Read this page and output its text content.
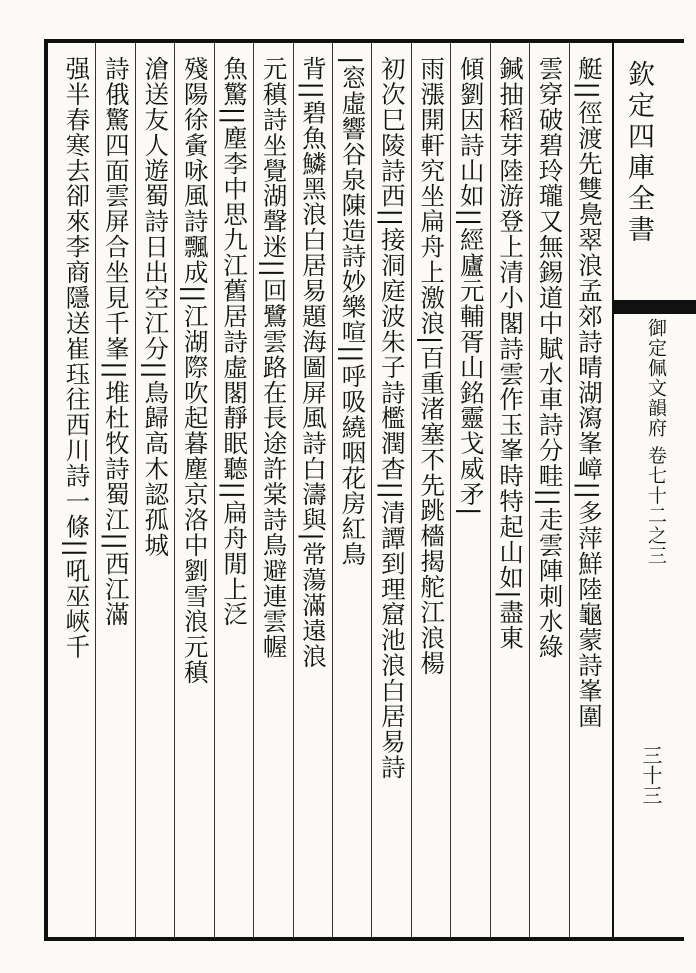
欽定四庫全書
御定佩文韻府 卷七十二之三
三十三
艇||徑渡先雙鳧翠浪孟郊詩晴湖瀉峯嶂||多萍鮮陸龜蒙詩峯圍
雲穿破碧玲瓏又無錫道中賦水車詩分畦||走雲陣刺水綠
鍼抽稻芽陸游登上清小閣詩雲作玉峯時特起山如|盡東
傾劉因詩山如||經廬元輔胥山銘靈戈威矛|
雨漲開軒究坐扁舟上激浪|百重渚塞不先跳檣揭舵江浪楊
初次巳陵詩西||接洞庭波朱子詩檻潤杳||清譚到理窟池浪白居易詩
|窓虛響谷泉陳造詩妙樂喧||呼吸繞咽花房紅鳥
背||碧魚鱗黑浪白居易題海圖屏風詩白濤與|常蕩滿遠浪
元稹詩坐覺湖聲迷||回鷺雲路在長途許棠詩鳥避連雲幄
魚驚||塵李中思九江舊居詩虛閣靜眠聽||扁舟閒上泛
殘陽徐夤咏風詩飄成||江湖際吹起暮塵京洛中劉雪浪元稹
滄送友人遊蜀詩日出空江分||鳥歸高木認孤城
詩俄驚四面雲屏合坐見千峯||堆杜牧詩蜀江||西江滿
强半春寒去卻來李商隱送崔珏往西川詩一條||吼巫峽千
